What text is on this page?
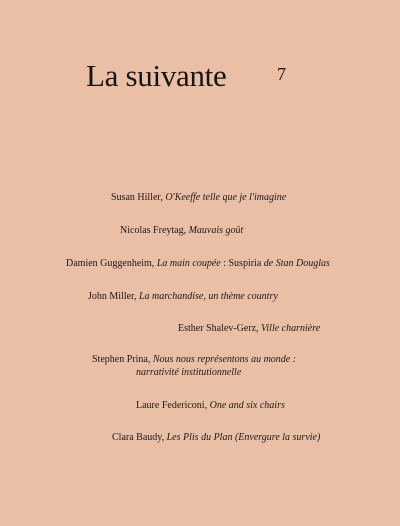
La suivante	7
Susan Hiller, O'Keeffe telle que je l'imagine
Nicolas Freytag, Mauvais goût
Damien Guggenheim, La main coupée : Suspiria de Stan Douglas
John Miller, La marchandise, un thème country
Esther Shalev-Gerz, Ville charnière
Stephen Prina, Nous nous représentons au monde :
narrativité institutionnelle
Laure Federiconi, One and six chairs
Clara Baudy, Les Plis du Plan (Envergure la survie)
